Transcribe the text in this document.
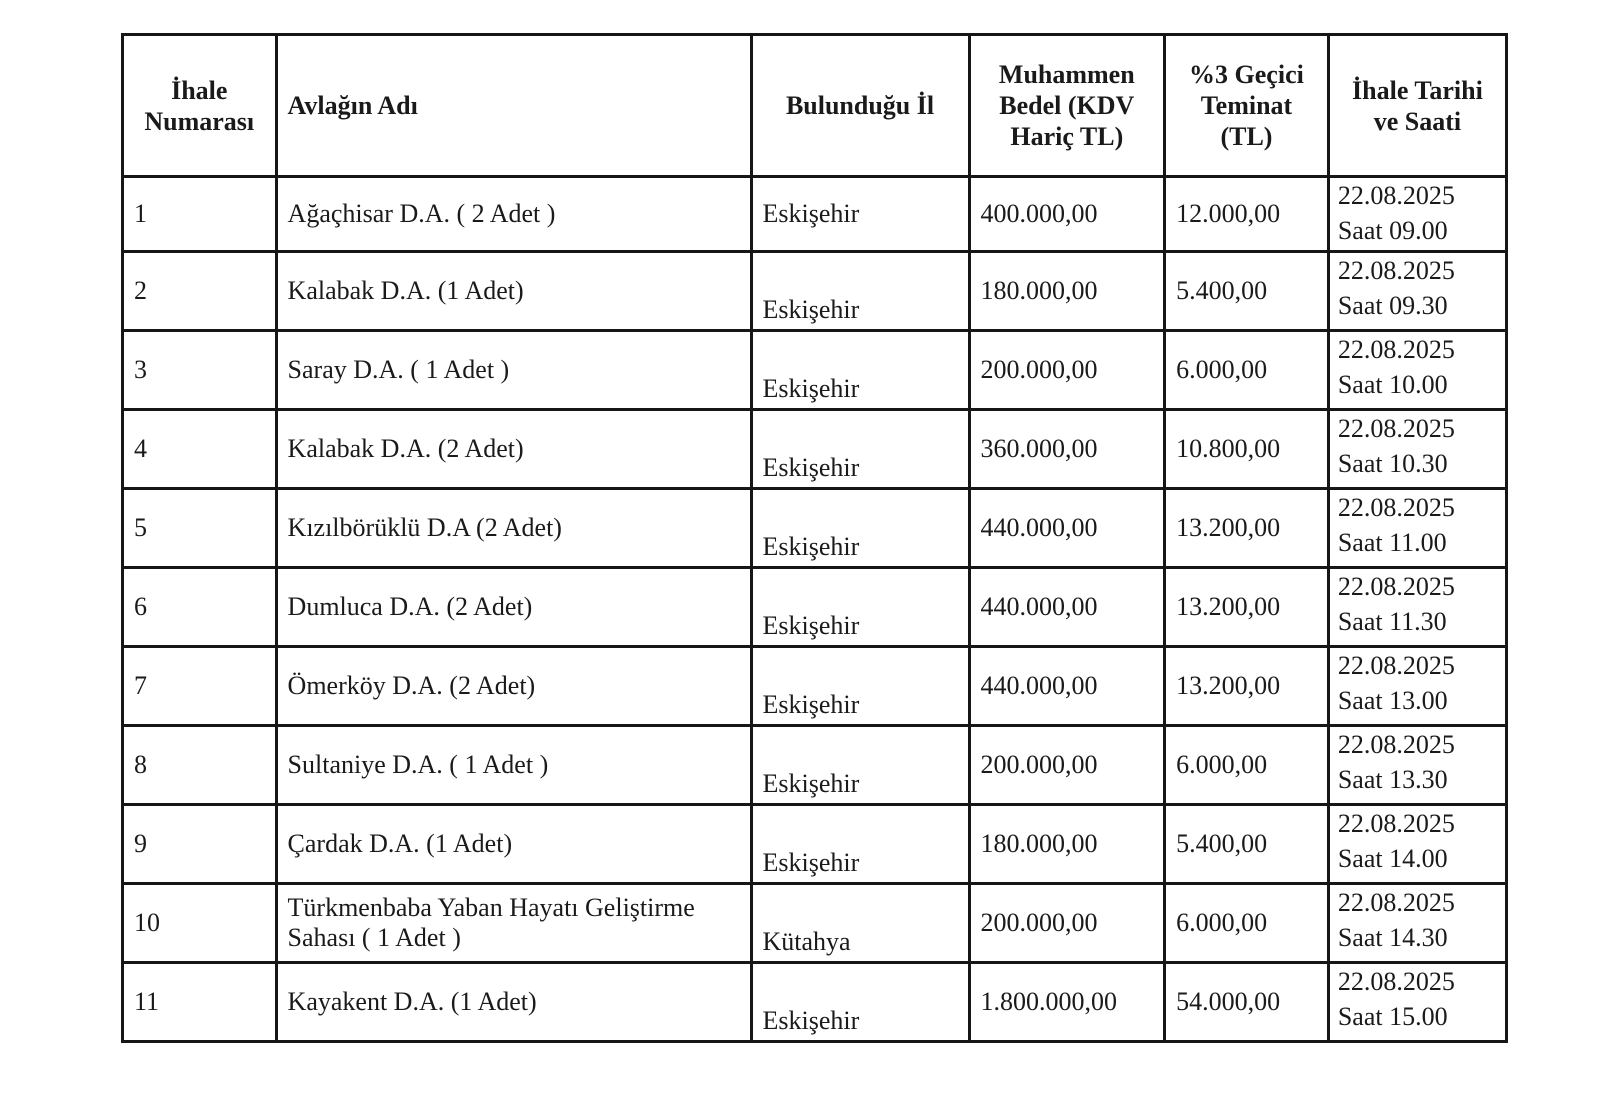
İhale Numarası	Avlağın Adı	Bulunduğu İl	Muhammen Bedel (KDV Hariç TL)	%3 Geçici Teminat (TL)	İhale Tarihi ve Saati
1	Ağaçhisar D.A. ( 2 Adet )	Eskişehir	400.000,00	12.000,00	22.08.2025
Saat 09.00

2	Kalabak D.A. (1 Adet)	Eskişehir	180.000,00	5.400,00	22.08.2025
Saat 09.30

3	Saray D.A. ( 1 Adet )	Eskişehir	200.000,00	6.000,00	22.08.2025
Saat 10.00

4	Kalabak D.A. (2 Adet)	Eskişehir	360.000,00	10.800,00	22.08.2025
Saat 10.30

5	Kızılbörüklü D.A (2 Adet)	Eskişehir	440.000,00	13.200,00	22.08.2025
Saat 11.00

6	Dumluca D.A. (2 Adet)	Eskişehir	440.000,00	13.200,00	22.08.2025
Saat 11.30

7	Ömerköy D.A. (2 Adet)	Eskişehir	440.000,00	13.200,00	22.08.2025
Saat 13.00

8	Sultaniye D.A. ( 1 Adet )	Eskişehir	200.000,00	6.000,00	22.08.2025
Saat 13.30

9	Çardak D.A. (1 Adet)	Eskişehir	180.000,00	5.400,00	22.08.2025
Saat 14.00

10	Türkmenbaba Yaban Hayatı Geliştirme
Sahası ( 1 Adet )	Kütahya	200.000,00	6.000,00	22.08.2025
Saat 14.30

11	Kayakent D.A. (1 Adet)	Eskişehir	1.800.000,00	54.000,00	22.08.2025
Saat 15.00
